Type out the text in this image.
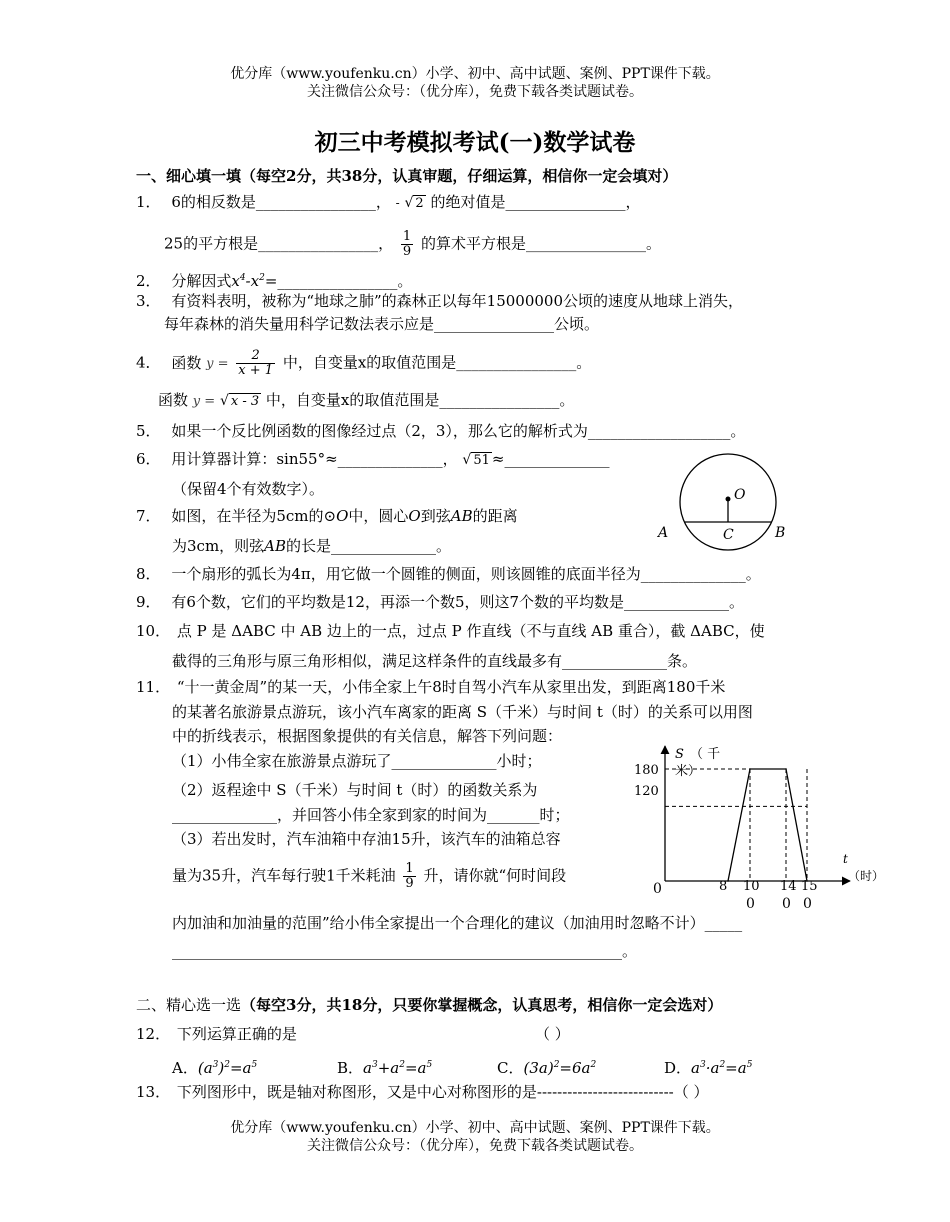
优分库（www.youfenku.cn）小学、初中、高中试题、案例、PPT课件下载。
关注微信公众号：（优分库），免费下载各类试题试卷。
初三中考模拟考试(一)数学试卷
一、细心填一填（每空2分，共38分，认真审题，仔细运算，相信你一定会填对）
1． 6的相反数是________________， - √ 2 的绝对值是________________，
25的平方根是________________， $\frac{1}{9}$ 的算术平方根是________________。
2． 分解因式$x^4-x^2=\_\_\_\_\_\_\_\_\_\_\_\_\_\_\_\_$。
3． 有资料表明，被称为“地球之肺”的森林正以每年15000000公顷的速度从地球上消失，
每年森林的消失量用科学记数法表示应是________________公顷。
4． 函数 $y = \frac{2}{x + 1}$ 中，自变量x的取值范围是________________。
函数 y = √ x - 3 中，自变量x的取值范围是________________。
5． 如果一个反比例函数的图像经过点（2，3），那么它的解析式为___________________。
6． 用计算器计算：sin55°≈______________， √ 51 ≈______________
（保留4个有效数字）。
7． 如图，在半径为5cm的⊙O中，圆心O到弦AB的距离
为3cm，则弦AB的长是______________。
O
A	B
C
8． 一个扇形的弧长为4π，用它做一个圆锥的侧面，则该圆锥的底面半径为______________。
9． 有6个数，它们的平均数是12，再添一个数5，则这7个数的平均数是______________。
10． 点 P 是 ΔABC 中 AB 边上的一点，过点 P 作直线（不与直线 AB 重合），截 ΔABC，使
截得的三角形与原三角形相似，满足这样条件的直线最多有______________条。
11． “十一黄金周”的某一天，小伟全家上午8时自驾小汽车从家里出发，到距离180千米
的某著名旅游景点游玩，该小汽车离家的距离 S（千米）与时间 t（时）的关系可以用图
中的折线表示，根据图象提供的有关信息，解答下列问题：
（1）小伟全家在旅游景点游玩了______________小时；
（2）返程途中 S（千米）与时间 t（时）的函数关系为
______________，并回答小伟全家到家的时间为_______时；
（3）若出发时，汽车油箱中存油15升，该汽车的油箱总容
量为35升，汽车每行驶1千米耗油 $\frac{1}{9}$ 升，请你就“何时间段
内加油和加油量的范围”给小伟全家提出一个合理化的建议（加油用时忽略不计）_____
____________________________________________________________。
S （ 千
米）
180
120
0
t
（时）
8 10
0
14
0
15
0
二、精心选一选（每空3分，共18分，只要你掌握概念，认真思考，相信你一定会选对）
12． 下列运算正确的是	（ ）
A．$(a^3)^2=a^5$	B．$a^3+a^2=a^5$	C．$(3a)^2=6a^2$	D．$a^3\cdot a^2=a^5$
13． 下列图形中，既是轴对称图形，又是中心对称图形的是---------------------------（ ）
优分库（www.youfenku.cn）小学、初中、高中试题、案例、PPT课件下载。
关注微信公众号：（优分库），免费下载各类试题试卷。
